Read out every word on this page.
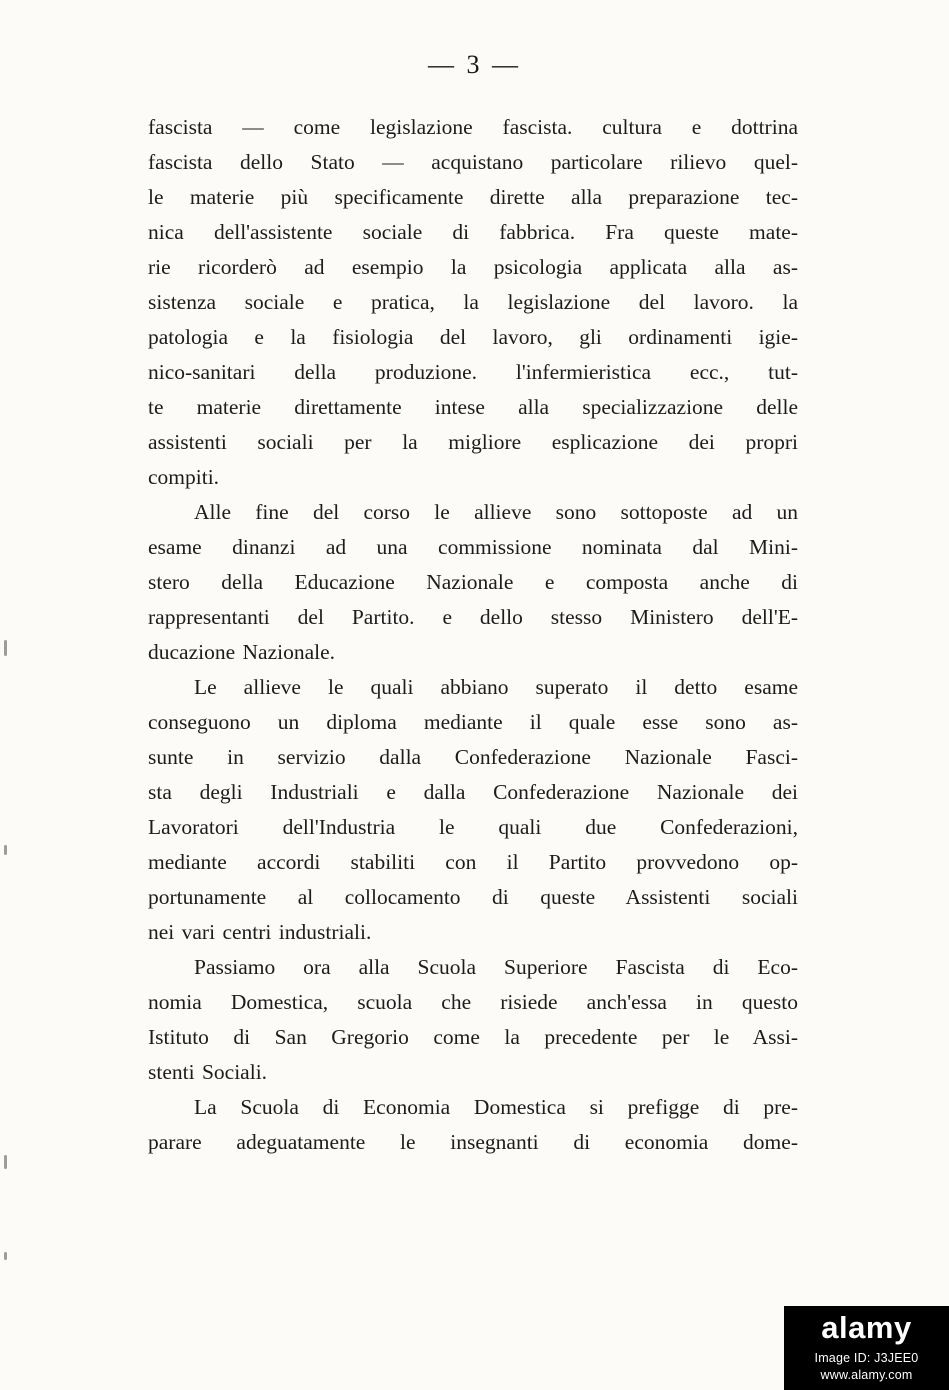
— 3 —
fascista — come legislazione fascista. cultura e dottrina
fascista dello Stato — acquistano particolare rilievo quel-
le materie più specificamente dirette alla preparazione tec-
nica dell'assistente sociale di fabbrica. Fra queste mate-
rie ricorderò ad esempio la psicologia applicata alla as-
sistenza sociale e pratica, la legislazione del lavoro. la
patologia e la fisiologia del lavoro, gli ordinamenti igie-
nico-sanitari della produzione. l'infermieristica ecc., tut-
te materie direttamente intese alla specializzazione delle
assistenti sociali per la migliore esplicazione dei propri
compiti.
Alle fine del corso le allieve sono sottoposte ad un
esame dinanzi ad una commissione nominata dal Mini-
stero della Educazione Nazionale e composta anche di
rappresentanti del Partito. e dello stesso Ministero dell'E-
ducazione Nazionale.
Le allieve le quali abbiano superato il detto esame
conseguono un diploma mediante il quale esse sono as-
sunte in servizio dalla Confederazione Nazionale Fasci-
sta degli Industriali e dalla Confederazione Nazionale dei
Lavoratori dell'Industria le quali due Confederazioni,
mediante accordi stabiliti con il Partito provvedono op-
portunamente al collocamento di queste Assistenti sociali
nei vari centri industriali.
Passiamo ora alla Scuola Superiore Fascista di Eco-
nomia Domestica, scuola che risiede anch'essa in questo
Istituto di San Gregorio come la precedente per le Assi-
stenti Sociali.
La Scuola di Economia Domestica si prefigge di pre-
parare adeguatamente le insegnanti di economia dome-
alamy
Image ID: J3JEE0
www.alamy.com
